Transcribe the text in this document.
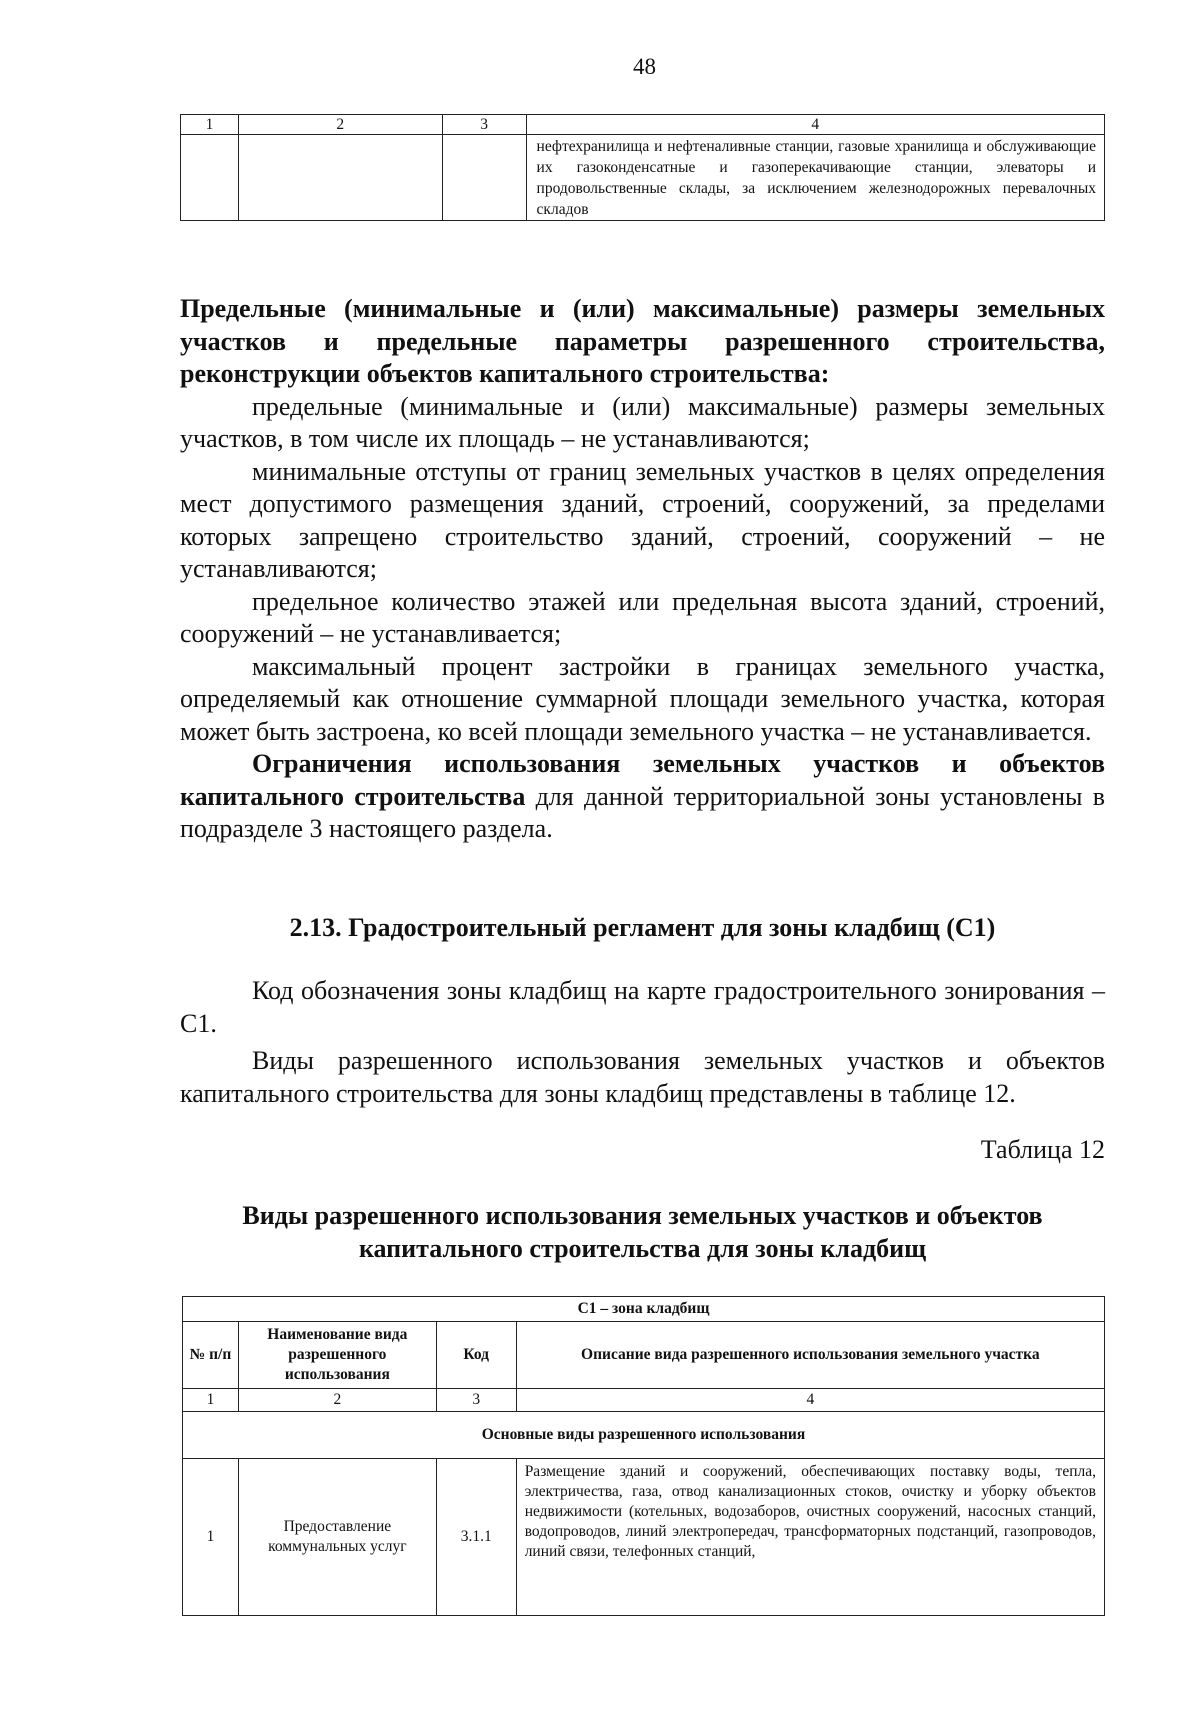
48
1	2	3	4
			нефтехранилища и нефтеналивные станции, газовые хранилища и обслуживающие их газоконденсатные и газоперекачивающие станции, элеваторы и продовольственные склады, за исключением железнодорожных перевалочных складов

Предельные (минимальные и (или) максимальные) размеры земельных участков и предельные параметры разрешенного строительства, реконструкции объектов капитального строительства:

предельные (минимальные и (или) максимальные) размеры земельных участков, в том числе их площадь – не устанавливаются;

минимальные отступы от границ земельных участков в целях определения мест допустимого размещения зданий, строений, сооружений, за пределами которых запрещено строительство зданий, строений, сооружений – не устанавливаются;

предельное количество этажей или предельная высота зданий, строений, сооружений – не устанавливается;

максимальный процент застройки в границах земельного участка, определяемый как отношение суммарной площади земельного участка, которая может быть застроена, ко всей площади земельного участка – не устанавливается.

Ограничения использования земельных участков и объектов капитального строительства для данной территориальной зоны установлены в подразделе 3 настоящего раздела.

2.13. Градостроительный регламент для зоны кладбищ (С1)

Код обозначения зоны кладбищ на карте градостроительного зонирования – С1.

Виды разрешенного использования земельных участков и объектов капитального строительства для зоны кладбищ представлены в таблице 12.

Таблица 12
Виды разрешенного использования земельных участков и объектов капитального строительства для зоны кладбищ
С1 – зона кладбищ			
№ п/п	Наименование вида разрешенного использования	Код	Описание вида разрешенного использования земельного участка
1	2	3	4
Основные виды разрешенного использования			
1	Предоставление коммунальных услуг	3.1.1	Размещение зданий и сооружений, обеспечивающих поставку воды, тепла, электричества, газа, отвод канализационных стоков, очистку и уборку объектов недвижимости (котельных, водозаборов, очистных сооружений, насосных станций, водопроводов, линий электропередач, трансформаторных подстанций, газопроводов, линий связи, телефонных станций,
